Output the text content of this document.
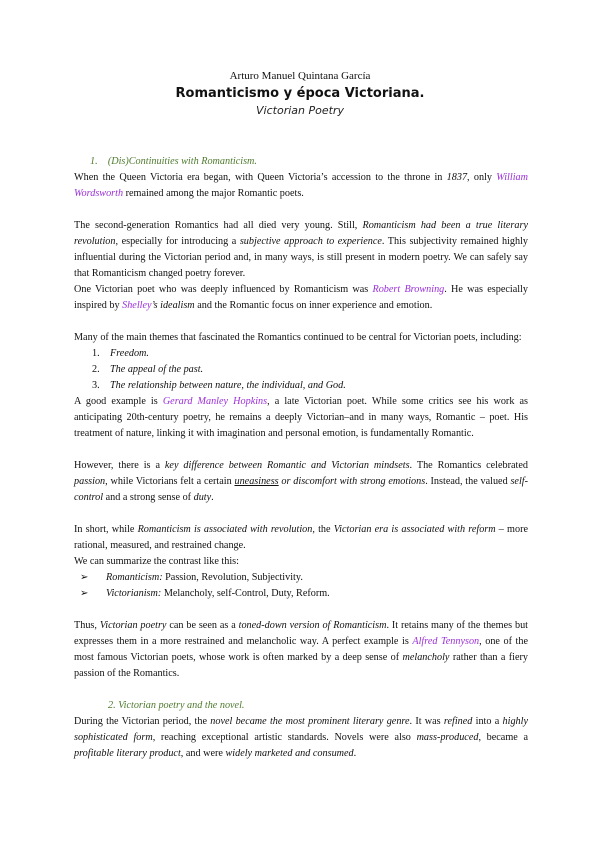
Arturo Manuel Quintana García
Romanticismo y época Victoriana.
Victorian Poetry

1. (Dis)Continuities with Romanticism.

When the Queen Victoria era began, with Queen Victoria’s accession to the throne in 1837, only William Wordsworth remained among the major Romantic poets.

The second-generation Romantics had all died very young. Still, Romanticism had been a true literary revolution, especially for introducing a subjective approach to experience. This subjectivity remained highly influential during the Victorian period and, in many ways, is still present in modern poetry. We can safely say that Romanticism changed poetry forever.

One Victorian poet who was deeply influenced by Romanticism was Robert Browning. He was especially inspired by Shelley’s idealism and the Romantic focus on inner experience and emotion.

Many of the main themes that fascinated the Romantics continued to be central for Victorian poets, including:

1. Freedom.

2. The appeal of the past.

3. The relationship between nature, the individual, and God.

A good example is Gerard Manley Hopkins, a late Victorian poet. While some critics see his work as anticipating 20th-century poetry, he remains a deeply Victorian–and in many ways, Romantic – poet. His treatment of nature, linking it with imagination and personal emotion, is fundamentally Romantic.

However, there is a key difference between Romantic and Victorian mindsets. The Romantics celebrated passion, while Victorians felt a certain uneasiness or discomfort with strong emotions. Instead, the valued self-control and a strong sense of duty.

In short, while Romanticism is associated with revolution, the Victorian era is associated with reform – more rational, measured, and restrained change.

We can summarize the contrast like this:

➢ Romanticism: Passion, Revolution, Subjectivity.

➢ Victorianism: Melancholy, self-Control, Duty, Reform.

Thus, Victorian poetry can be seen as a toned-down version of Romanticism. It retains many of the themes but expresses them in a more restrained and melancholic way. A perfect example is Alfred Tennyson, one of the most famous Victorian poets, whose work is often marked by a deep sense of melancholy rather than a fiery passion of the Romantics.

2. Victorian poetry and the novel.

During the Victorian period, the novel became the most prominent literary genre. It was refined into a highly sophisticated form, reaching exceptional artistic standards. Novels were also mass-produced, became a profitable literary product, and were widely marketed and consumed.
